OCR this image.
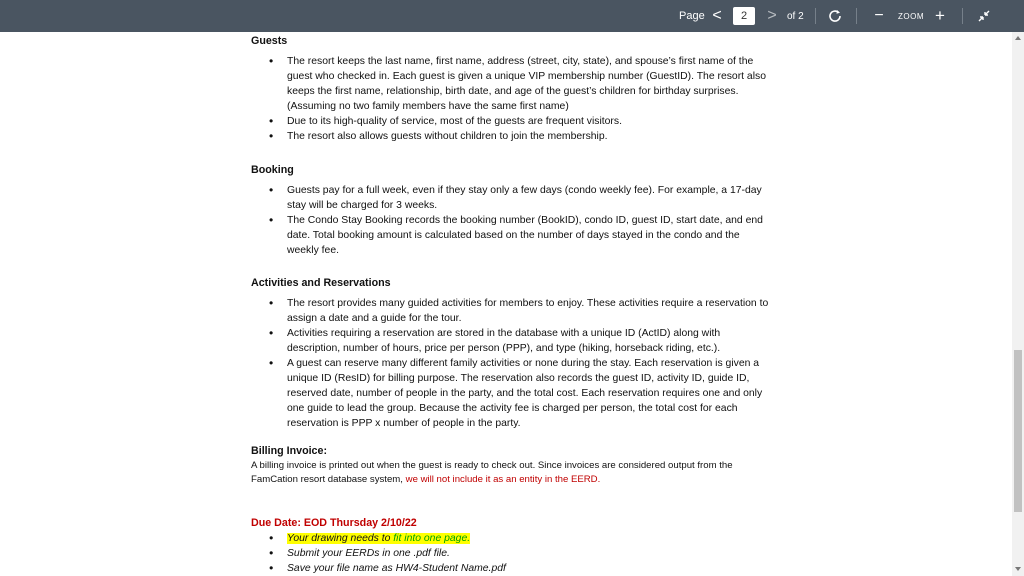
Page <	2	> of 2	− ZOOM +
Guests
• The resort keeps the last name, first name, address (street, city, state), and spouse’s first name of the guest who checked in. Each guest is given a unique VIP membership number (GuestID). The resort also keeps the first name, relationship, birth date, and age of the guest’s children for birthday surprises. (Assuming no two family members have the same first name)
• Due to its high-quality of service, most of the guests are frequent visitors.
• The resort also allows guests without children to join the membership.
Booking
• Guests pay for a full week, even if they stay only a few days (condo weekly fee). For example, a 17-day stay will be charged for 3 weeks.
• The Condo Stay Booking records the booking number (BookID), condo ID, guest ID, start date, and end date. Total booking amount is calculated based on the number of days stayed in the condo and the weekly fee.
Activities and Reservations
• The resort provides many guided activities for members to enjoy. These activities require a reservation to assign a date and a guide for the tour.
• Activities requiring a reservation are stored in the database with a unique ID (ActID) along with description, number of hours, price per person (PPP), and type (hiking, horseback riding, etc.).
• A guest can reserve many different family activities or none during the stay. Each reservation is given a unique ID (ResID) for billing purpose. The reservation also records the guest ID, activity ID, guide ID, reserved date, number of people in the party, and the total cost. Each reservation requires one and only one guide to lead the group. Because the activity fee is charged per person, the total cost for each reservation is PPP x number of people in the party.
Billing Invoice:
A billing invoice is printed out when the guest is ready to check out. Since invoices are considered output from the FamCation resort database system, we will not include it as an entity in the EERD.
Due Date: EOD Thursday 2/10/22
• Your drawing needs to fit into one page.
• Submit your EERDs in one .pdf file.
• Save your file name as HW4-Student Name.pdf
